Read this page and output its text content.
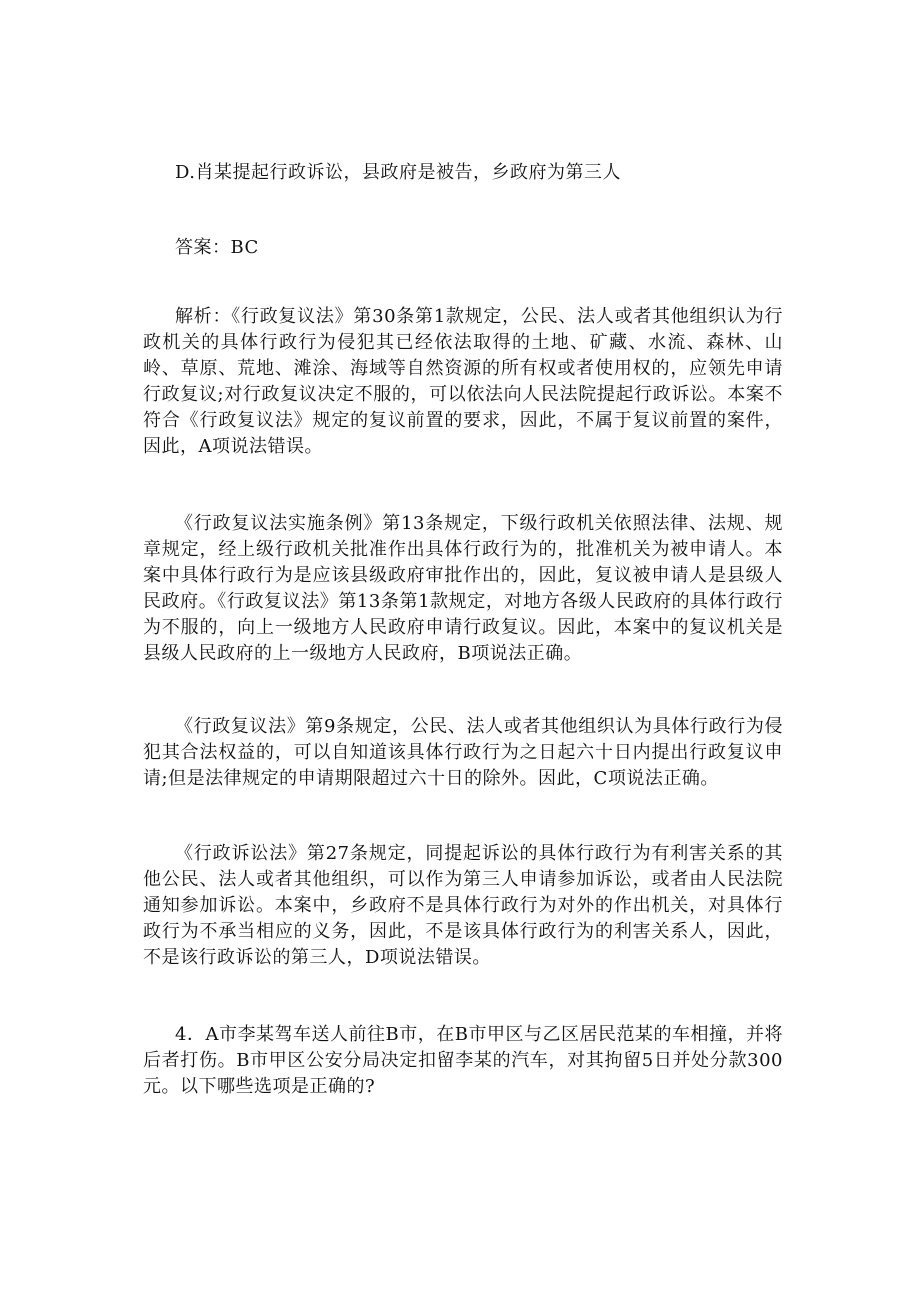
D.肖某提起行政诉讼，县政府是被告，乡政府为第三人

答案：BC

解析：《行政复议法》第30条第1款规定，公民、法人或者其他组织认为行政机关的具体行政行为侵犯其已经依法取得的土地、矿藏、水流、森林、山岭、草原、荒地、滩涂、海域等自然资源的所有权或者使用权的，应领先申请行政复议;对行政复议决定不服的，可以依法向人民法院提起行政诉讼。本案不符合《行政复议法》规定的复议前置的要求，因此，不属于复议前置的案件，因此，A项说法错误。

《行政复议法实施条例》第13条规定，下级行政机关依照法律、法规、规章规定，经上级行政机关批准作出具体行政行为的，批准机关为被申请人。本案中具体行政行为是应该县级政府审批作出的，因此，复议被申请人是县级人民政府。《行政复议法》第13条第1款规定，对地方各级人民政府的具体行政行为不服的，向上一级地方人民政府申请行政复议。因此，本案中的复议机关是县级人民政府的上一级地方人民政府，B项说法正确。

《行政复议法》第9条规定，公民、法人或者其他组织认为具体行政行为侵犯其合法权益的，可以自知道该具体行政行为之日起六十日内提出行政复议申请;但是法律规定的申请期限超过六十日的除外。因此，C项说法正确。

《行政诉讼法》第27条规定，同提起诉讼的具体行政行为有利害关系的其他公民、法人或者其他组织，可以作为第三人申请参加诉讼，或者由人民法院通知参加诉讼。本案中，乡政府不是具体行政行为对外的作出机关，对具体行政行为不承当相应的义务，因此，不是该具体行政行为的利害关系人，因此，不是该行政诉讼的第三人，D项说法错误。

4．A市李某驾车送人前往B市，在B市甲区与乙区居民范某的车相撞，并将后者打伤。B市甲区公安分局决定扣留李某的汽车，对其拘留5日并处分款300元。以下哪些选项是正确的?
